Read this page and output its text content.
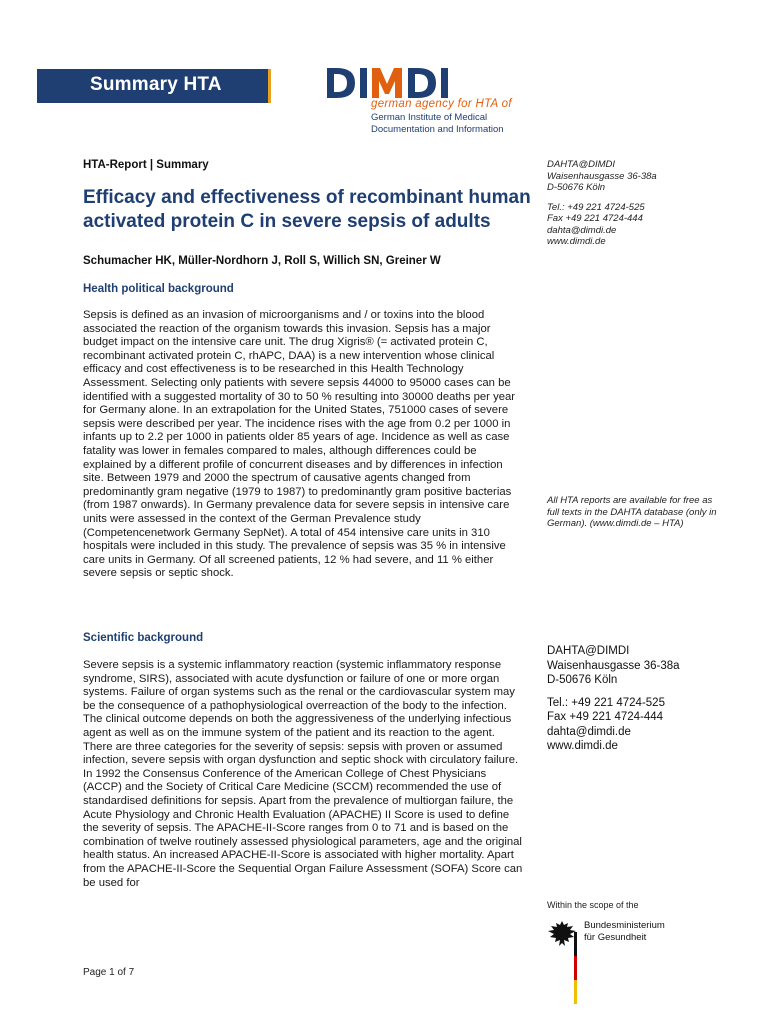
Summary HTA
german agency for HTA of
German Institute of Medical
Documentation and Information
HTA-Report | Summary
Efficacy and effectiveness of recombinant human activated protein C in severe sepsis of adults
Schumacher HK, Müller-Nordhorn J, Roll S, Willich SN, Greiner W
Health political background
Sepsis is defined as an invasion of microorganisms and / or toxins into the blood associated the reaction of the organism towards this invasion. Sepsis has a major budget impact on the intensive care unit. The drug Xigris® (= activated protein C, recombinant activated protein C, rhAPC, DAA) is a new intervention whose clinical efficacy and cost effectiveness is to be researched in this Health Technology Assessment. Selecting only patients with severe sepsis 44000 to 95000 cases can be identified with a suggested mortality of 30 to 50 % resulting into 30000 deaths per year for Germany alone. In an extrapolation for the United States, 751000 cases of severe sepsis were described per year. The incidence rises with the age from 0.2 per 1000 in infants up to 2.2 per 1000 in patients older 85 years of age. Incidence as well as case fatality was lower in females compared to males, although differences could be explained by a different profile of concurrent diseases and by differences in infection site. Between 1979 and 2000 the spectrum of causative agents changed from predominantly gram negative (1979 to 1987) to predominantly gram positive bacterias (from 1987 onwards). In Germany prevalence data for severe sepsis in intensive care units were assessed in the context of the German Prevalence study (Competencenetwork Germany SepNet). A total of 454 intensive care units in 310 hospitals were included in this study. The prevalence of sepsis was 35 % in intensive care units in Germany. Of all screened patients, 12 % had severe, and 11 % either severe sepsis or septic shock.
Scientific background
Severe sepsis is a systemic inflammatory reaction (systemic inflammatory response syndrome, SIRS), associated with acute dysfunction or failure of one or more organ systems. Failure of organ systems such as the renal or the cardiovascular system may be the consequence of a pathophysiological overreaction of the body to the infection. The clinical outcome depends on both the aggressiveness of the underlying infectious agent as well as on the immune system of the patient and its reaction to the agent. There are three categories for the severity of sepsis: sepsis with proven or assumed infection, severe sepsis with organ dysfunction and septic shock with circulatory failure. In 1992 the Consensus Conference of the American College of Chest Physicians (ACCP) and the Society of Critical Care Medicine (SCCM) recommended the use of standardised definitions for sepsis. Apart from the prevalence of multiorgan failure, the Acute Physiology and Chronic Health Evaluation (APACHE) II Score is used to define the severity of sepsis. The APACHE-II-Score ranges from 0 to 71 and is based on the combination of twelve routinely assessed physiological parameters, age and the original health status. An increased APACHE-II-Score is associated with higher mortality. Apart from the APACHE-II-Score the Sequential Organ Failure Assessment (SOFA) Score can be used for
DAHTA@DIMDI
Waisenhausgasse 36-38a
D-50676 Köln
Tel.: +49 221 4724-525
Fax +49 221 4724-444
dahta@dimdi.de
www.dimdi.de
All HTA reports are available for free as full texts in the DAHTA database (only in German). (www.dimdi.de – HTA)
DAHTA@DIMDI
Waisenhausgasse 36-38a
D-50676 Köln
Tel.: +49 221 4724-525
Fax +49 221 4724-444
dahta@dimdi.de
www.dimdi.de
Within the scope of the
Bundesministerium
für Gesundheit
Page 1 of 7
